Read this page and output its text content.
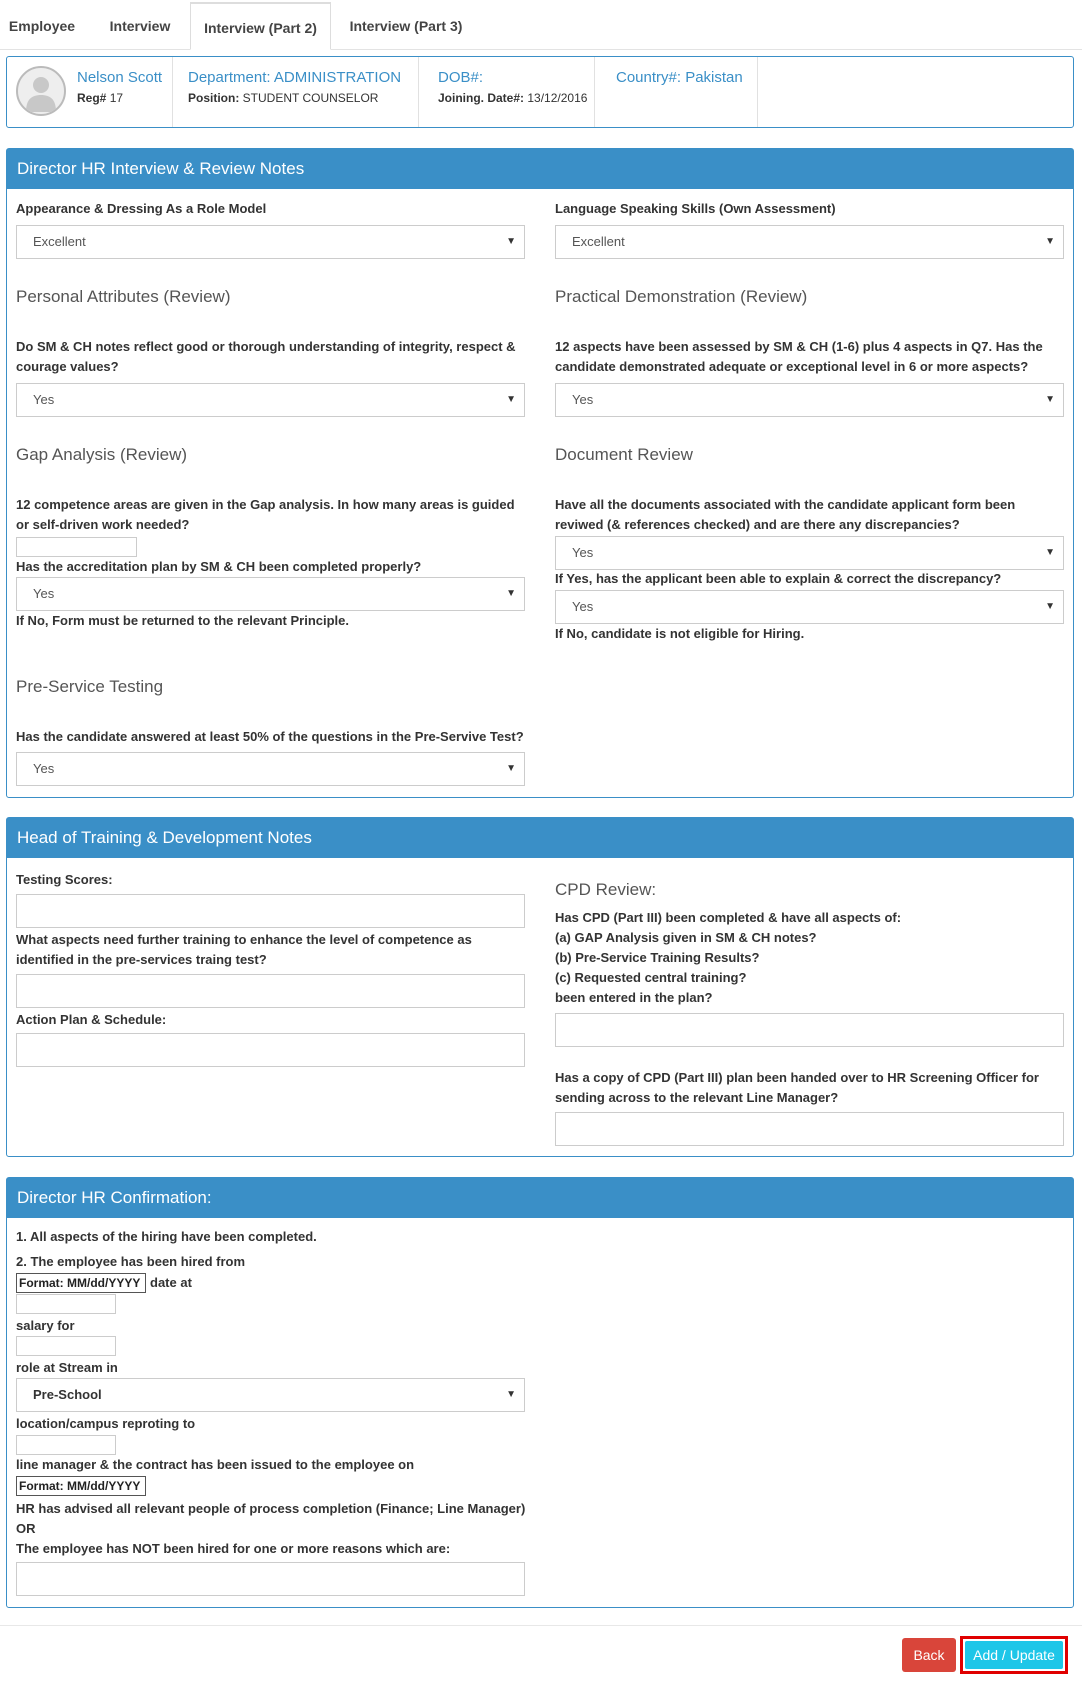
Employee	Interview	Interview (Part 2)	Interview (Part 3)
Nelson Scott
Reg# 17
Department: ADMINISTRATION
Position: STUDENT COUNSELOR
DOB#:
Joining. Date#: 13/12/2016
Country#: Pakistan
Director HR Interview & Review Notes
Appearance & Dressing As a Role Model
Excellent	▼
Language Speaking Skills (Own Assessment)
Excellent	▼
Personal Attributes (Review)
Do SM & CH notes reflect good or thorough understanding of integrity, respect & courage values?
Yes	▼
Practical Demonstration (Review)
12 aspects have been assessed by SM & CH (1-6) plus 4 aspects in Q7. Has the candidate demonstrated adequate or exceptional level in 6 or more aspects?
Yes	▼
Gap Analysis (Review)
12 competence areas are given in the Gap analysis. In how many areas is guided or self-driven work needed?
Has the accreditation plan by SM & CH been completed properly?
Yes	▼
If No, Form must be returned to the relevant Principle.
Document Review
Have all the documents associated with the candidate applicant form been reviwed (& references checked) and are there any discrepancies?
Yes	▼
If Yes, has the applicant been able to explain & correct the discrepancy?
Yes	▼
If No, candidate is not eligible for Hiring.
Pre-Service Testing
Has the candidate answered at least 50% of the questions in the Pre-Servive Test?
Yes	▼
Head of Training & Development Notes
Testing Scores:
What aspects need further training to enhance the level of competence as identified in the pre-services traing test?
Action Plan & Schedule:
CPD Review:
Has CPD (Part III) been completed & have all aspects of:
(a) GAP Analysis given in SM & CH notes?
(b) Pre-Service Training Results?
(c) Requested central training?
been entered in the plan?
Has a copy of CPD (Part III) plan been handed over to HR Screening Officer for sending across to the relevant Line Manager?
Director HR Confirmation:
1. All aspects of the hiring have been completed.
2. The employee has been hired from
Format: MM/dd/YYYY date at
salary for
role at Stream in
Pre-School	▼
location/campus reproting to
line manager & the contract has been issued to the employee on
Format: MM/dd/YYYY
HR has advised all relevant people of process completion (Finance; Line Manager)
OR
The employee has NOT been hired for one or more reasons which are:
Back	Add / Update
